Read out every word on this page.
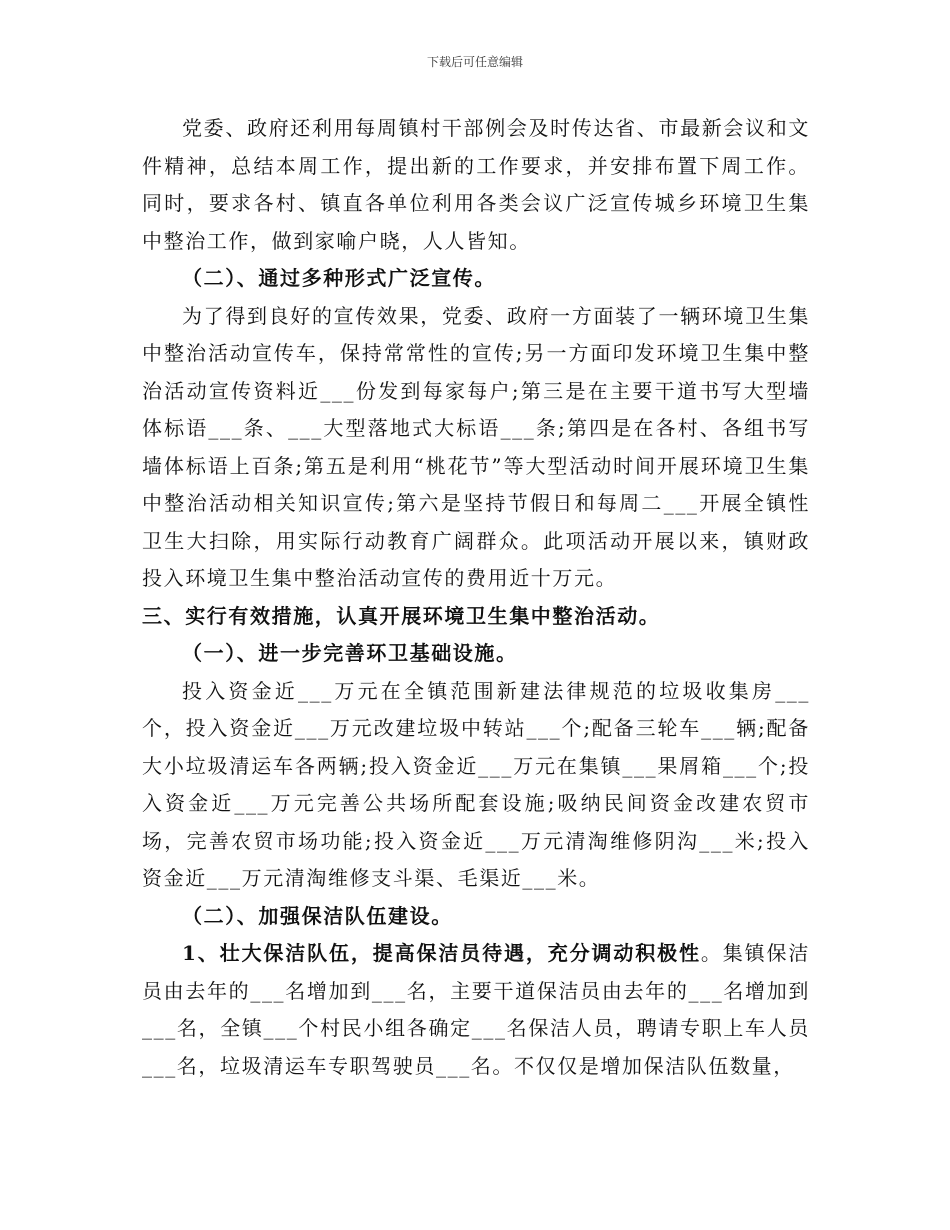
下载后可任意编辑

党委、政府还利用每周镇村干部例会及时传达省、市最新会议和文件精神，总结本周工作，提出新的工作要求，并安排布置下周工作。同时，要求各村、镇直各单位利用各类会议广泛宣传城乡环境卫生集中整治工作，做到家喻户晓，人人皆知。

（二）、通过多种形式广泛宣传。

为了得到良好的宣传效果，党委、政府一方面装了一辆环境卫生集中整治活动宣传车，保持常常性的宣传;另一方面印发环境卫生集中整治活动宣传资料近___份发到每家每户;第三是在主要干道书写大型墙体标语___条、___大型落地式大标语___条;第四是在各村、各组书写墙体标语上百条;第五是利用“桃花节”等大型活动时间开展环境卫生集中整治活动相关知识宣传;第六是坚持节假日和每周二___开展全镇性卫生大扫除，用实际行动教育广阔群众。此项活动开展以来，镇财政投入环境卫生集中整治活动宣传的费用近十万元。

三、实行有效措施，认真开展环境卫生集中整治活动。

（一）、进一步完善环卫基础设施。

投入资金近___万元在全镇范围新建法律规范的垃圾收集房___个，投入资金近___万元改建垃圾中转站___个;配备三轮车___辆;配备大小垃圾清运车各两辆;投入资金近___万元在集镇___果屑箱___个;投入资金近___万元完善公共场所配套设施;吸纳民间资金改建农贸市场，完善农贸市场功能;投入资金近___万元清淘维修阴沟___米;投入资金近___万元清淘维修支斗渠、毛渠近___米。

（二）、加强保洁队伍建设。

1、壮大保洁队伍，提高保洁员待遇，充分调动积极性。集镇保洁员由去年的___名增加到___名，主要干道保洁员由去年的___名增加到___名，全镇___个村民小组各确定___名保洁人员，聘请专职上车人员___名，垃圾清运车专职驾驶员___名。不仅仅是增加保洁队伍数量，
